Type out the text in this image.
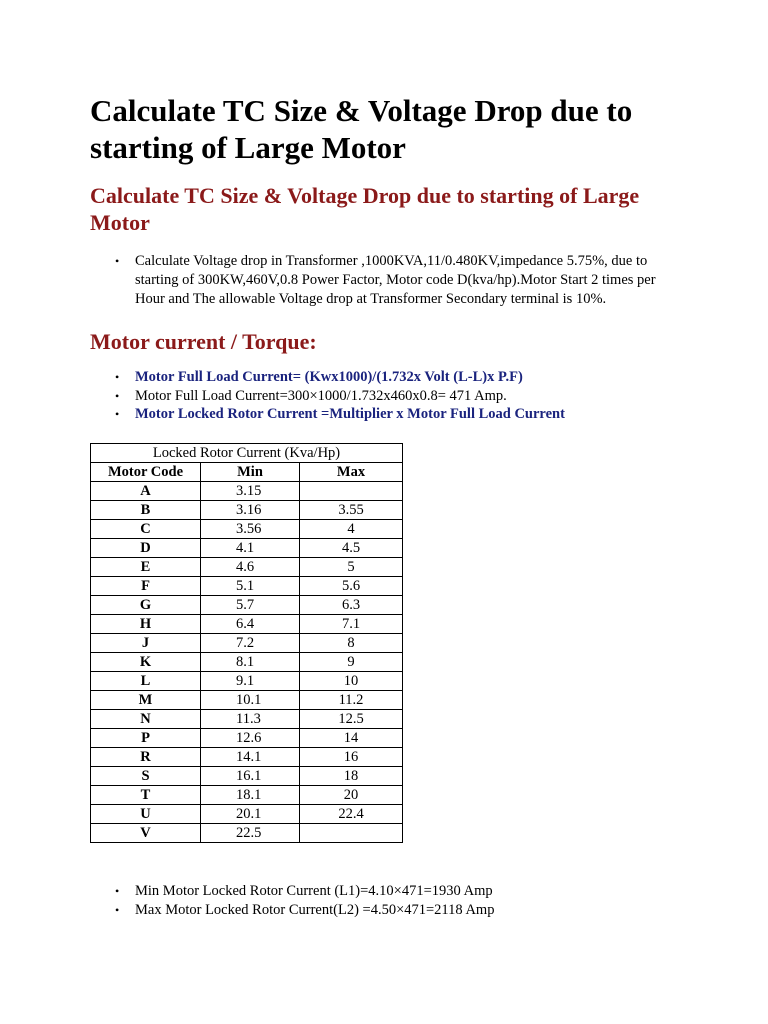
Calculate TC Size & Voltage Drop due to starting of Large Motor
Calculate TC Size & Voltage Drop due to starting of Large Motor
• Calculate Voltage drop in Transformer ,1000KVA,11/0.480KV,impedance 5.75%, due to starting of 300KW,460V,0.8 Power Factor, Motor code D(kva/hp).Motor Start 2 times per Hour and The allowable Voltage drop at Transformer Secondary terminal is 10%.
Motor current / Torque:
• Motor Full Load Current= (Kwx1000)/(1.732x Volt (L-L)x P.F)
• Motor Full Load Current=300×1000/1.732x460x0.8= 471 Amp.
• Motor Locked Rotor Current =Multiplier x Motor Full Load Current
Locked Rotor Current (Kva/Hp)		
Motor Code	Min	Max
A	3.15	
B	3.16	3.55
C	3.56	4
D	4.1	4.5
E	4.6	5
F	5.1	5.6
G	5.7	6.3
H	6.4	7.1
J	7.2	8
K	8.1	9
L	9.1	10
M	10.1	11.2
N	11.3	12.5
P	12.6	14
R	14.1	16
S	16.1	18
T	18.1	20
U	20.1	22.4
V	22.5	
• Min Motor Locked Rotor Current (L1)=4.10×471=1930 Amp
• Max Motor Locked Rotor Current(L2) =4.50×471=2118 Amp
